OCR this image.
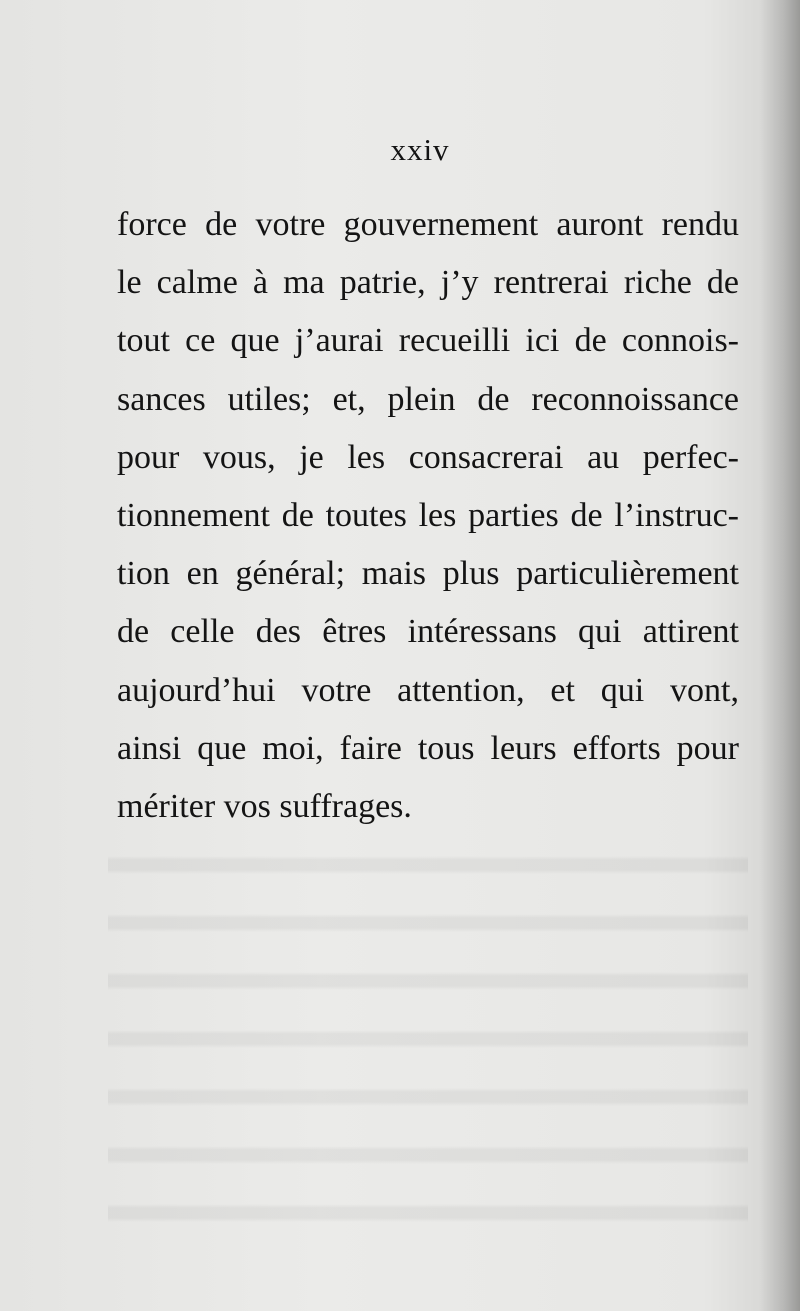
xxiv

force de votre gouvernement auront rendu
le calme à ma patrie, j’y rentrerai riche de
tout ce que j’aurai recueilli ici de connois-
sances utiles; et, plein de reconnoissance
pour vous, je les consacrerai au perfec-
tionnement de toutes les parties de l’instruc-
tion en général; mais plus particulièrement
de celle des êtres intéressans qui attirent
aujourd’hui votre attention, et qui vont,
ainsi que moi, faire tous leurs efforts pour
mériter vos suffrages.
